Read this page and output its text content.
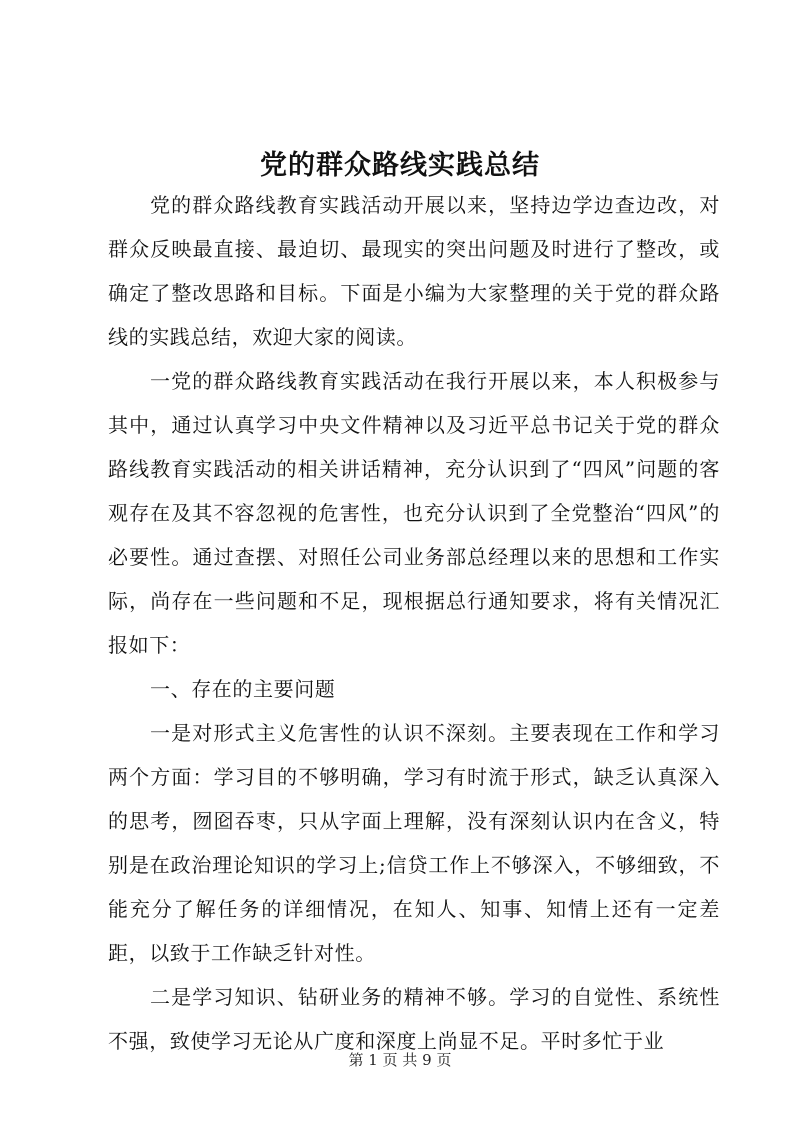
党的群众路线实践总结

党的群众路线教育实践活动开展以来，坚持边学边查边改，对群众反映最直接、最迫切、最现实的突出问题及时进行了整改，或确定了整改思路和目标。下面是小编为大家整理的关于党的群众路线的实践总结，欢迎大家的阅读。

一党的群众路线教育实践活动在我行开展以来，本人积极参与其中，通过认真学习中央文件精神以及习近平总书记关于党的群众路线教育实践活动的相关讲话精神，充分认识到了“四风”问题的客观存在及其不容忽视的危害性，也充分认识到了全党整治“四风”的必要性。通过查摆、对照任公司业务部总经理以来的思想和工作实际，尚存在一些问题和不足，现根据总行通知要求，将有关情况汇报如下：

一、存在的主要问题

一是对形式主义危害性的认识不深刻。主要表现在工作和学习两个方面：学习目的不够明确，学习有时流于形式，缺乏认真深入的思考，囫囵吞枣，只从字面上理解，没有深刻认识内在含义，特别是在政治理论知识的学习上;信贷工作上不够深入，不够细致，不能充分了解任务的详细情况，在知人、知事、知情上还有一定差距，以致于工作缺乏针对性。

二是学习知识、钻研业务的精神不够。学习的自觉性、系统性不强，致使学习无论从广度和深度上尚显不足。平时多忙于业

第 1 页 共 9 页
